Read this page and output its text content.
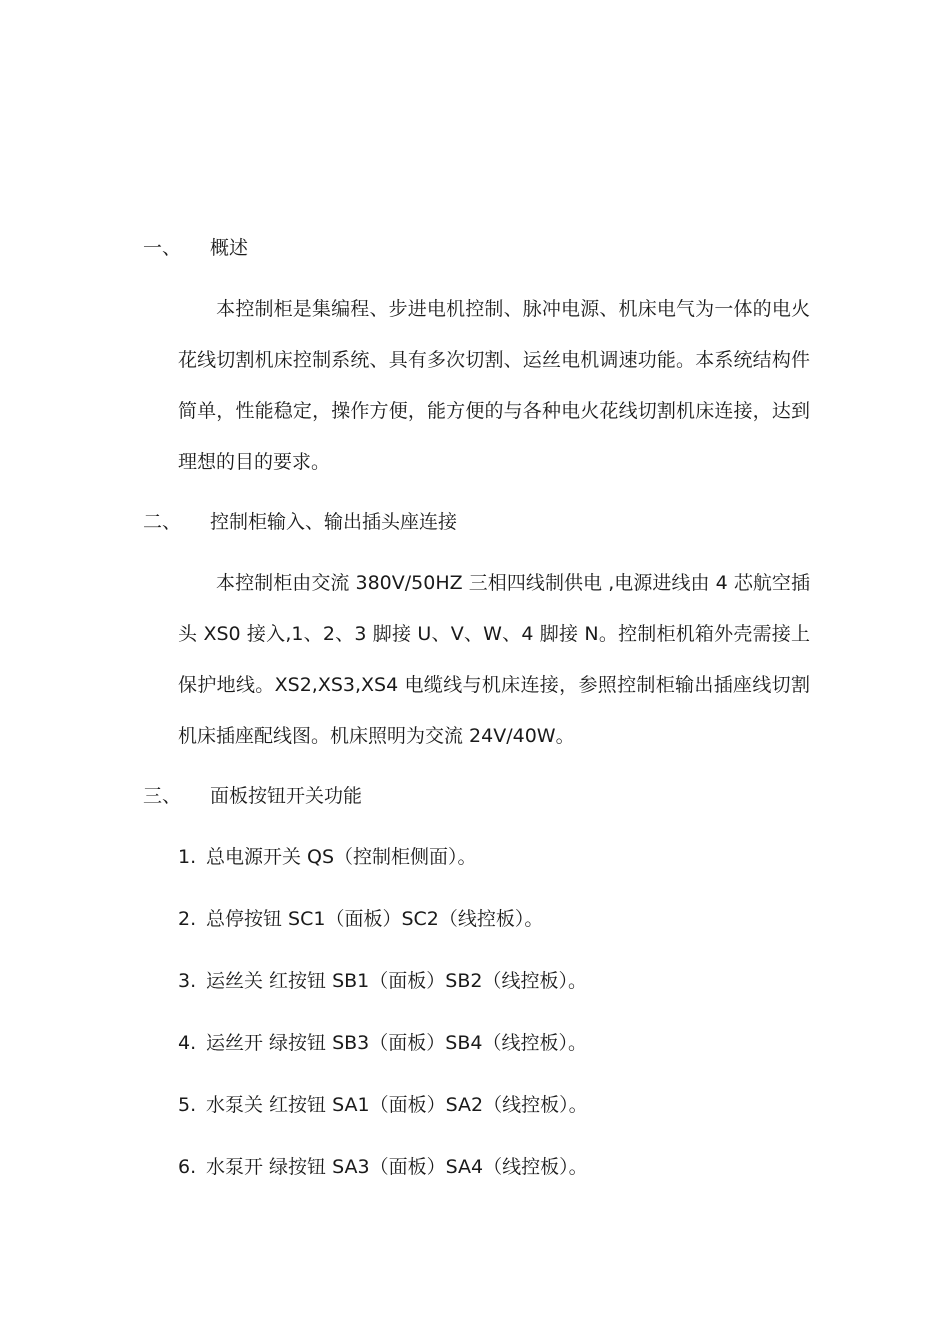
一、 概述
本控制柜是集编程、步进电机控制、脉冲电源、机床电气为一体的电火花线切割机床控制系统、具有多次切割、运丝电机调速功能。本系统结构件简单，性能稳定，操作方便，能方便的与各种电火花线切割机床连接，达到理想的目的要求。
二、 控制柜输入、输出插头座连接
本控制柜由交流 380V/50HZ 三相四线制供电 ,电源进线由 4 芯航空插头 XS0 接入,1、2、3 脚接 U、V、W、4 脚接 N。控制柜机箱外壳需接上保护地线。XS2,XS3,XS4 电缆线与机床连接，参照控制柜输出插座线切割机床插座配线图。机床照明为交流 24V/40W。
三、 面板按钮开关功能
1. 总电源开关 QS（控制柜侧面）。
2. 总停按钮 SC1（面板）SC2（线控板）。
3. 运丝关 红按钮 SB1（面板）SB2（线控板）。
4. 运丝开 绿按钮 SB3（面板）SB4（线控板）。
5. 水泵关 红按钮 SA1（面板）SA2（线控板）。
6. 水泵开 绿按钮 SA3（面板）SA4（线控板）。
